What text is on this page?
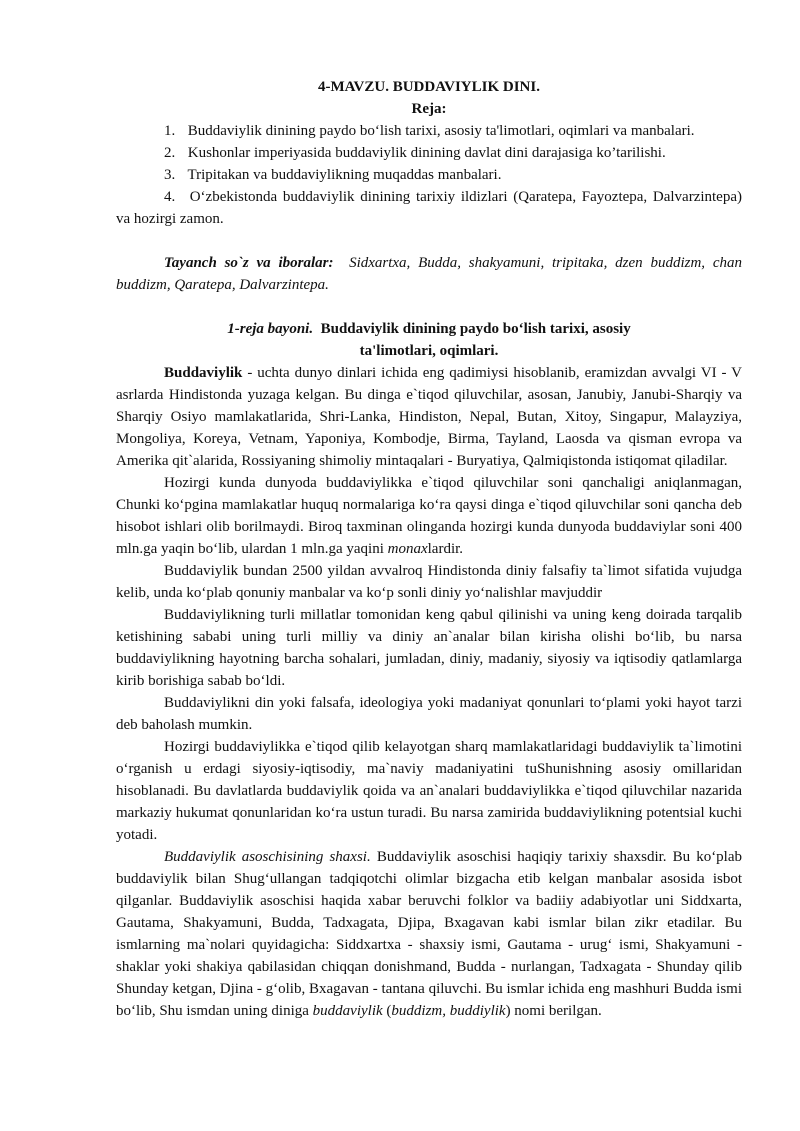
4-MAVZU. BUDDAVIYLIK DINI.

Reja:

1. Buddaviylik dinining paydo bo‘lish tarixi, asosiy ta'limotlari, oqimlari va manbalari.
2. Kushonlar imperiyasida buddaviylik dinining davlat dini darajasiga ko’tarilishi.
3. Tripitakan va buddaviylikning muqaddas manbalari.
4. O‘zbekistonda buddaviylik dinining tarixiy ildizlari (Qaratepa, Fayoztepa, Dalvarzintepa) va hozirgi zamon.

Tayanch so`z va iboralar: Sidxartxa, Budda, shakyamuni, tripitaka, dzen buddizm, chan buddizm, Qaratepa, Dalvarzintepa.

1-reja bayoni. Buddaviylik dinining paydo bo‘lish tarixi, asosiy

ta'limotlari, oqimlari.

Buddaviylik - uchta dunyo dinlari ichida eng qadimiysi hisoblanib, eramizdan avvalgi VI - V asrlarda Hindistonda yuzaga kelgan. Bu dinga e`tiqod qiluvchilar, asosan, Janubiy, Janubi-Sharqiy va Sharqiy Osiyo mamlakatlarida, Shri-Lanka, Hindiston, Nepal, Butan, Xitoy, Singapur, Malayziya, Mongoliya, Koreya, Vetnam, Yaponiya, Kombodje, Birma, Tayland, Laosda va qisman evropa va Amerika qit`alarida, Rossiyaning shimoliy mintaqalari - Buryatiya, Qalmiqistonda istiqomat qiladilar.

Hozirgi kunda dunyoda buddaviylikka e`tiqod qiluvchilar soni qanchaligi aniqlanmagan, Chunki ko‘pgina mamlakatlar huquq normalariga ko‘ra qaysi dinga e`tiqod qiluvchilar soni qancha deb hisobot ishlari olib borilmaydi. Biroq taxminan olinganda hozirgi kunda dunyoda buddaviylar soni 400 mln.ga yaqin bo‘lib, ulardan 1 mln.ga yaqini monaxlardir.

Buddaviylik bundan 2500 yildan avvalroq Hindistonda diniy falsafiy ta`limot sifatida vujudga kelib, unda ko‘plab qonuniy manbalar va ko‘p sonli diniy yo‘nalishlar mavjuddir

Buddaviylikning turli millatlar tomonidan keng qabul qilinishi va uning keng doirada tarqalib ketishining sababi uning turli milliy va diniy an`analar bilan kirisha olishi bo‘lib, bu narsa buddaviylikning hayotning barcha sohalari, jumladan, diniy, madaniy, siyosiy va iqtisodiy qatlamlarga kirib borishiga sabab bo‘ldi.

Buddaviylikni din yoki falsafa, ideologiya yoki madaniyat qonunlari to‘plami yoki hayot tarzi deb baholash mumkin.

Hozirgi buddaviylikka e`tiqod qilib kelayotgan sharq mamlakatlaridagi buddaviylik ta`limotini o‘rganish u erdagi siyosiy-iqtisodiy, ma`naviy madaniyatini tuShunishning asosiy omillaridan hisoblanadi. Bu davlatlarda buddaviylik qoida va an`analari buddaviylikka e`tiqod qiluvchilar nazarida markaziy hukumat qonunlaridan ko‘ra ustun turadi. Bu narsa zamirida buddaviylikning potentsial kuchi yotadi.

Buddaviylik asoschisining shaxsi. Buddaviylik asoschisi haqiqiy tarixiy shaxsdir. Bu ko‘plab buddaviylik bilan Shug‘ullangan tadqiqotchi olimlar bizgacha etib kelgan manbalar asosida isbot qilganlar. Buddaviylik asoschisi haqida xabar beruvchi folklor va badiiy adabiyotlar uni Siddxarta, Gautama, Shakyamuni, Budda, Tadxagata, Djipa, Bxagavan kabi ismlar bilan zikr etadilar. Bu ismlarning ma`nolari quyidagicha: Siddxartxa - shaxsiy ismi, Gautama - urug‘ ismi, Shakyamuni - shaklar yoki shakiya qabilasidan chiqqan donishmand, Budda - nurlangan, Tadxagata - Shunday qilib Shunday ketgan, Djina - g‘olib, Bxagavan - tantana qiluvchi. Bu ismlar ichida eng mashhuri Budda ismi bo‘lib, Shu ismdan uning diniga buddaviylik (buddizm, buddiylik) nomi berilgan.
